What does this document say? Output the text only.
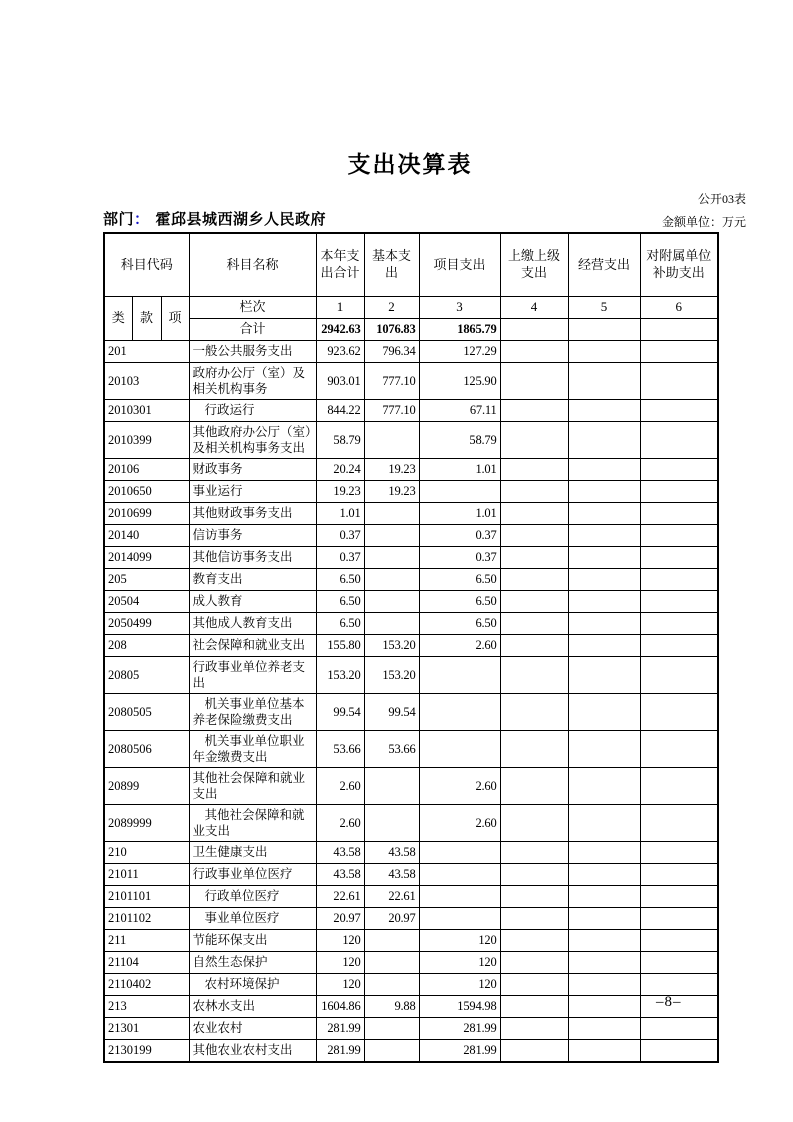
支出决算表
公开03表
部门： 霍邱县城西湖乡人民政府	金额单位：万元
科目代码			科目名称	本年支出合计	基本支出	项目支出	上缴上级支出	经营支出	对附属单位补助支出
类	款	项	栏次	1	2	3	4	5	6
			合计	2942.63	1076.83	1865.79			
201			一般公共服务支出	923.62	796.34	127.29			
20103			政府办公厅（室）及相关机构事务	903.01	777.10	125.90			
2010301			行政运行	844.22	777.10	67.11			
2010399			其他政府办公厅（室）及相关机构事务支出	58.79		58.79			
20106			财政事务	20.24	19.23	1.01			
2010650			事业运行	19.23	19.23				
2010699			其他财政事务支出	1.01		1.01			
20140			信访事务	0.37		0.37			
2014099			其他信访事务支出	0.37		0.37			
205			教育支出	6.50		6.50			
20504			成人教育	6.50		6.50			
2050499			其他成人教育支出	6.50		6.50			
208			社会保障和就业支出	155.80	153.20	2.60			
20805			行政事业单位养老支出	153.20	153.20				
2080505			机关事业单位基本养老保险缴费支出	99.54	99.54				
2080506			机关事业单位职业年金缴费支出	53.66	53.66				
20899			其他社会保障和就业支出	2.60		2.60			
2089999			其他社会保障和就业支出	2.60		2.60			
210			卫生健康支出	43.58	43.58				
21011			行政事业单位医疗	43.58	43.58				
2101101			行政单位医疗	22.61	22.61				
2101102			事业单位医疗	20.97	20.97				
211			节能环保支出	120		120			
21104			自然生态保护	120		120			
2110402			农村环境保护	120		120			
213			农林水支出	1604.86	9.88	1594.98			
21301			农业农村	281.99		281.99			
2130199			其他农业农村支出	281.99		281.99			
–8–
